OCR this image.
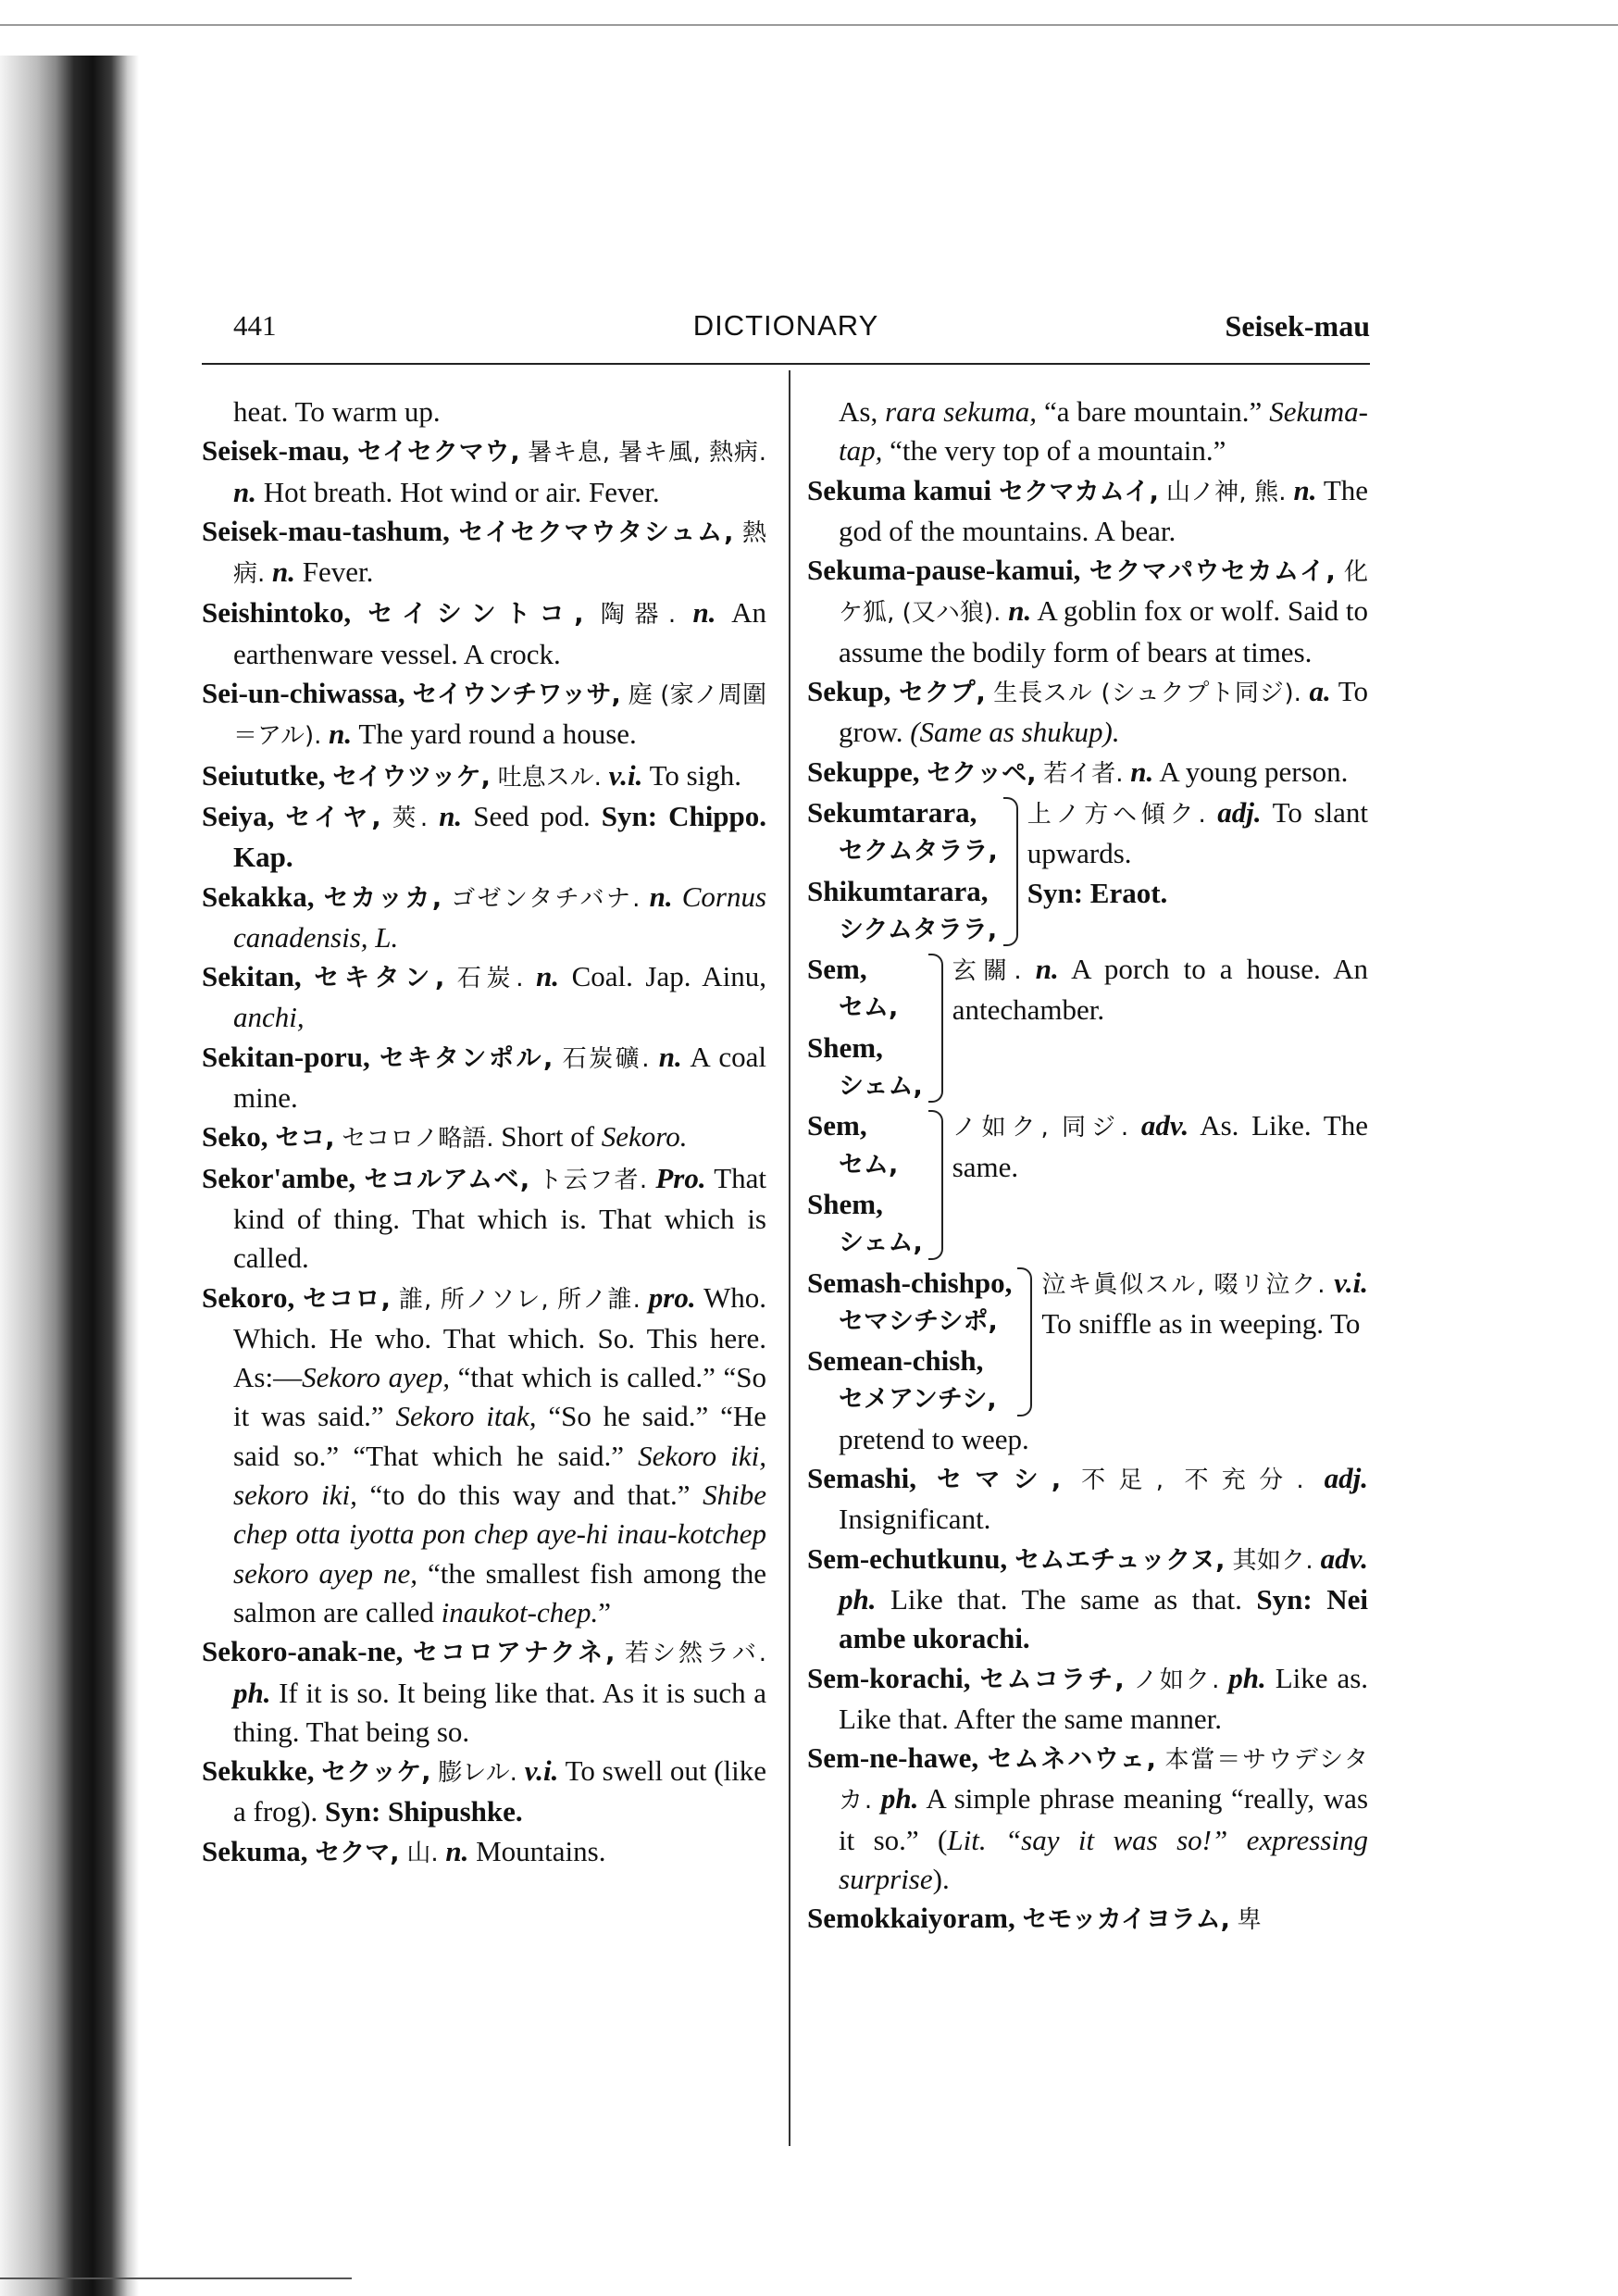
441	DICTIONARY	Seisek-mau
heat. To warm up.
Seisek-mau, セイセクマウ, 暑キ息, 暑キ風, 熱病. n. Hot breath. Hot wind or air. Fever.
Seisek-mau-tashum, セイセクマウタシュム, 熱病. n. Fever.
Seishintoko, セイシントコ, 陶器. n. An earthenware vessel. A crock.
Sei-un-chiwassa, セイウンチワッサ, 庭 (家ノ周圍＝アル). n. The yard round a house.
Seiututke, セイウツッケ, 吐息スル. v.i. To sigh.
Seiya, セイヤ, 莢. n. Seed pod. Syn: Chippo. Kap.
Sekakka, セカッカ, ゴゼンタチバナ. n. Cornus canadensis, L.
Sekitan, セキタン, 石炭. n. Coal. Jap. Ainu, anchi,
Sekitan-poru, セキタンポル, 石炭礦. n. A coal mine.
Seko, セコ, セコロノ略語. Short of Sekoro.
Sekor'ambe, セコルアムベ, ト云フ者. Pro. That kind of thing. That which is. That which is called.
Sekoro, セコロ, 誰, 所ノソレ, 所ノ誰. pro. Who. Which. He who. That which. So. This here. As:—Sekoro ayep, “that which is called.” “So it was said.” Sekoro itak, “So he said.” “He said so.” “That which he said.” Sekoro iki, sekoro iki, “to do this way and that.” Shibe chep otta iyotta pon chep aye-hi inau-kotchep sekoro ayep ne, “the smallest fish among the salmon are called inaukot-chep.”
Sekoro-anak-ne, セコロアナクネ, 若シ然ラバ. ph. If it is so. It being like that. As it is such a thing. That being so.
Sekukke, セクッケ, 膨レル. v.i. To swell out (like a frog). Syn: Shipushke.
Sekuma, セクマ, 山. n. Mountains.
As, rara sekuma, “a bare mountain.” Sekuma-tap, “the very top of a mountain.”
Sekuma kamui セクマカムイ, 山ノ神, 熊. n. The god of the mountains. A bear.
Sekuma-pause-kamui, セクマパウセカムイ, 化ケ狐, (又ハ狼). n. A goblin fox or wolf. Said to assume the bodily form of bears at times.
Sekup, セクプ, 生長スル (シュクプト同ジ). a. To grow. (Same as shukup).
Sekuppe, セクッペ, 若イ者. n. A young person.
Sekumtarara,
セクムタララ,
Shikumtarara,
シクムタララ,
上ノ方ヘ傾ク. adj. To slant upwards.
Syn: Eraot.
Sem,
セム,
Shem,
シェム,
玄關. n. A porch to a house. An antechamber.
Sem,
セム,
Shem,
シェム,
ノ如ク, 同ジ. adv. As. Like. The same.
Semash-chishpo,
セマシチシポ,
Semean-chish,
セメアンチシ,
泣キ眞似スル, 啜リ泣ク. v.i. To sniffle as in weeping. To
pretend to weep.
Semashi, セマシ, 不足, 不充分. adj. Insignificant.
Sem-echutkunu, セムエチュックヌ, 其如ク. adv. ph. Like that. The same as that. Syn: Nei ambe ukorachi.
Sem-korachi, セムコラチ, ノ如ク. ph. Like as. Like that. After the same manner.
Sem-ne-hawe, セムネハウェ, 本當＝サウデシタカ. ph. A simple phrase meaning “really, was it so.” (Lit. “say it was so!” expressing surprise).
Semokkaiyoram, セモッカイヨラム, 卑
